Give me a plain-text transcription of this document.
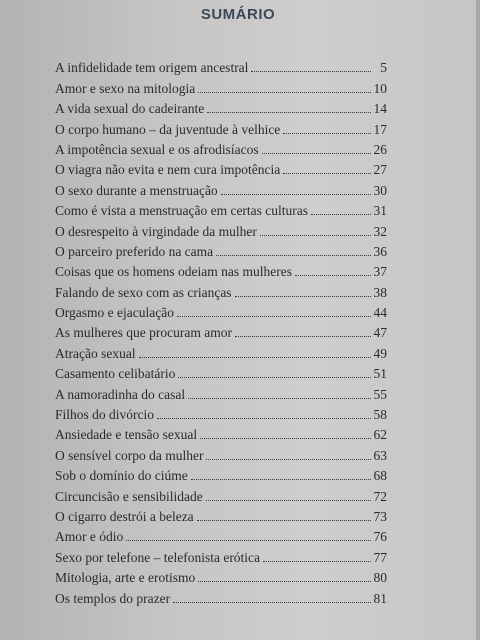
SUMÁRIO
A infidelidade tem origem ancestral	5
Amor e sexo na mitologia	10
A vida sexual do cadeirante	14
O corpo humano – da juventude à velhice	17
A impotência sexual e os afrodisíacos	26
O viagra não evita e nem cura impotência	27
O sexo durante a menstruação	30
Como é vista a menstruação em certas culturas	31
O desrespeito à virgindade da mulher	32
O parceiro preferido na cama	36
Coisas que os homens odeiam nas mulheres	37
Falando de sexo com as crianças	38
Orgasmo e ejaculação	44
As mulheres que procuram amor	47
Atração sexual	49
Casamento celibatário	51
A namoradinha do casal	55
Filhos do divórcio	58
Ansiedade e tensão sexual	62
O sensível corpo da mulher	63
Sob o domínio do ciúme	68
Circuncisão e sensibilidade	72
O cigarro destrói a beleza	73
Amor e ódio	76
Sexo por telefone – telefonista erótica	77
Mitologia, arte e erotismo	80
Os templos do prazer	81
